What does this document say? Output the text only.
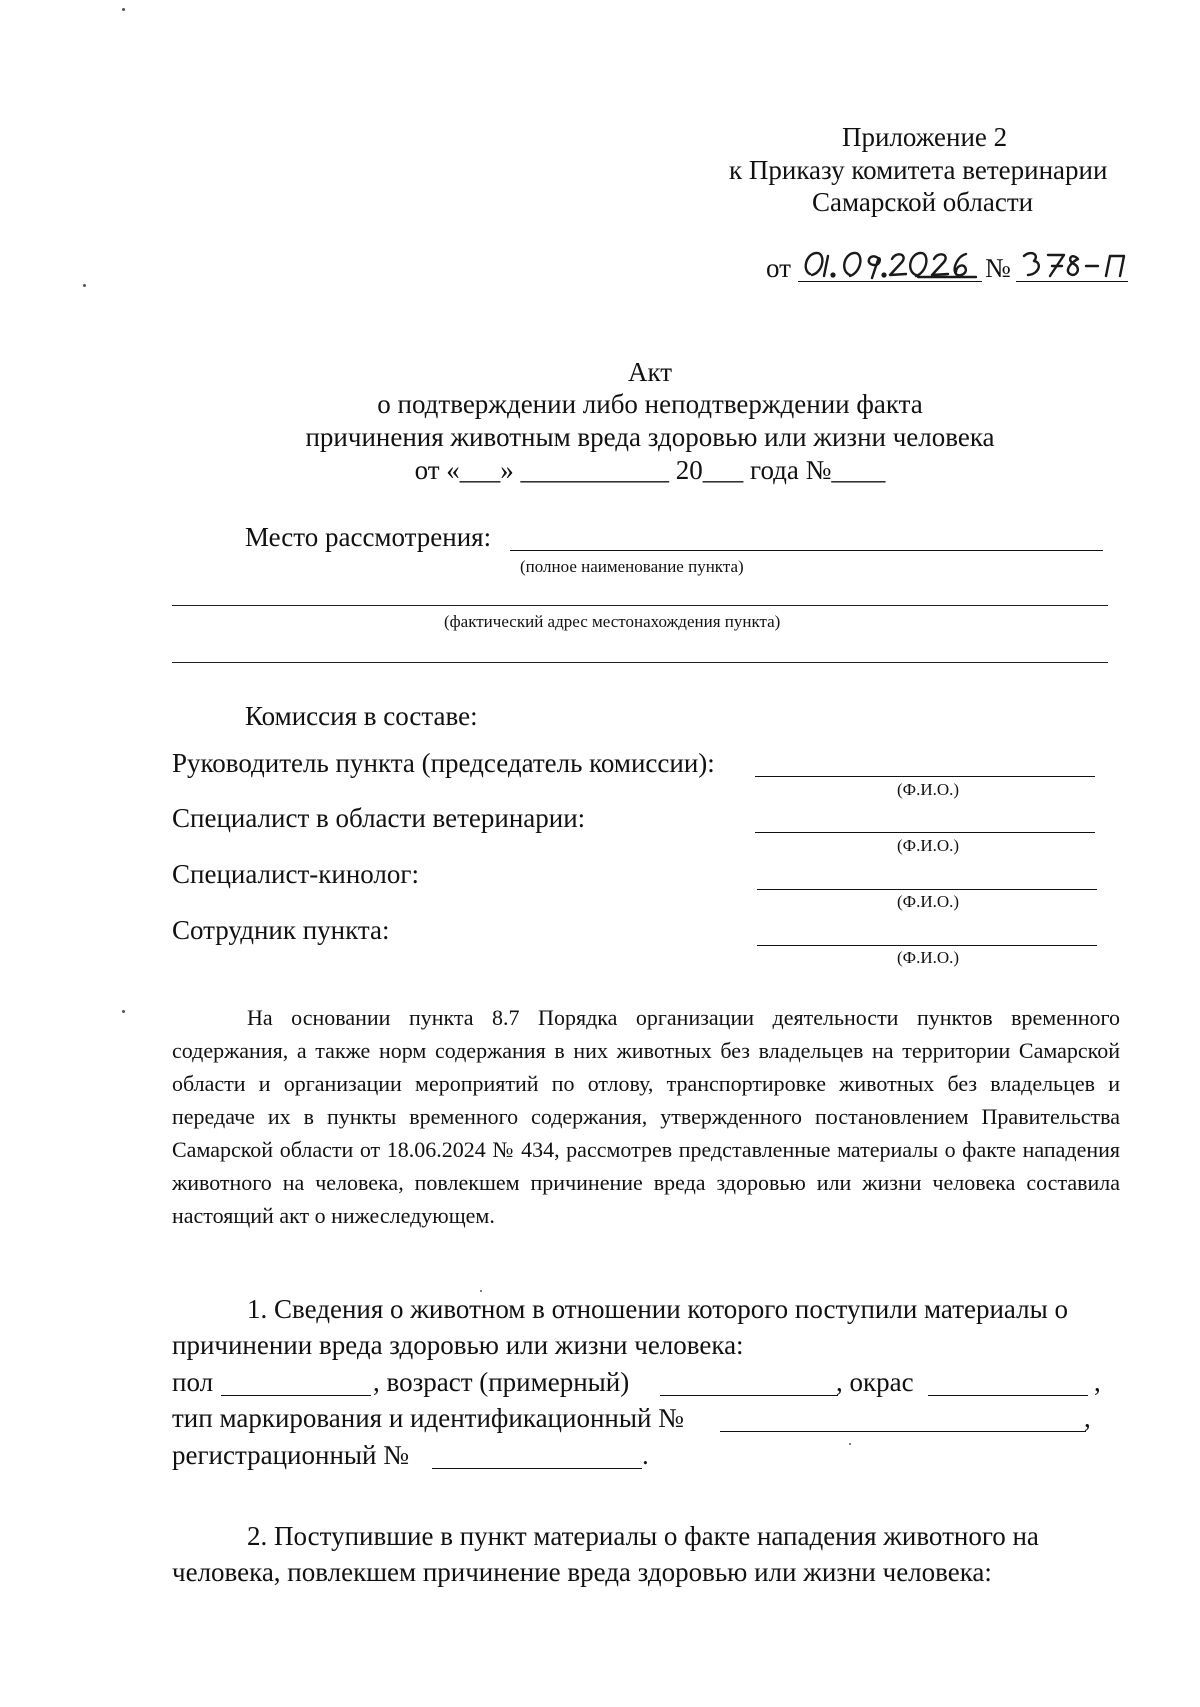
Приложение 2
к Приказу комитета ветеринарии
Самарской области
от	№
Акт
о подтверждении либо неподтверждении факта
причинения животным вреда здоровью или жизни человека
от «___» ___________ 20___ года №____
Место рассмотрения:
(полное наименование пункта)
(фактический адрес местонахождения пункта)
Комиссия в составе:
Руководитель пункта (председатель комиссии):
(Ф.И.О.)
Специалист в области ветеринарии:
(Ф.И.О.)
Специалист-кинолог:
(Ф.И.О.)
Сотрудник пункта:
(Ф.И.О.)
На основании пункта 8.7 Порядка организации деятельности пунктов временного содержания, а также норм содержания в них животных без владельцев на территории Самарской области и организации мероприятий по отлову, транспортировке животных без владельцев и передаче их в пункты временного содержания, утвержденного постановлением Правительства Самарской области от 18.06.2024 № 434, рассмотрев представленные материалы о факте нападения животного на человека, повлекшем причинение вреда здоровью или жизни человека составила настоящий акт о нижеследующем.
1. Сведения о животном в отношении которого поступили материалы о
причинении вреда здоровью или жизни человека:
пол	, возраст (примерный)	, окрас	,
тип маркирования и идентификационный №	,
регистрационный №	.
2. Поступившие в пункт материалы о факте нападения животного на
человека, повлекшем причинение вреда здоровью или жизни человека:
